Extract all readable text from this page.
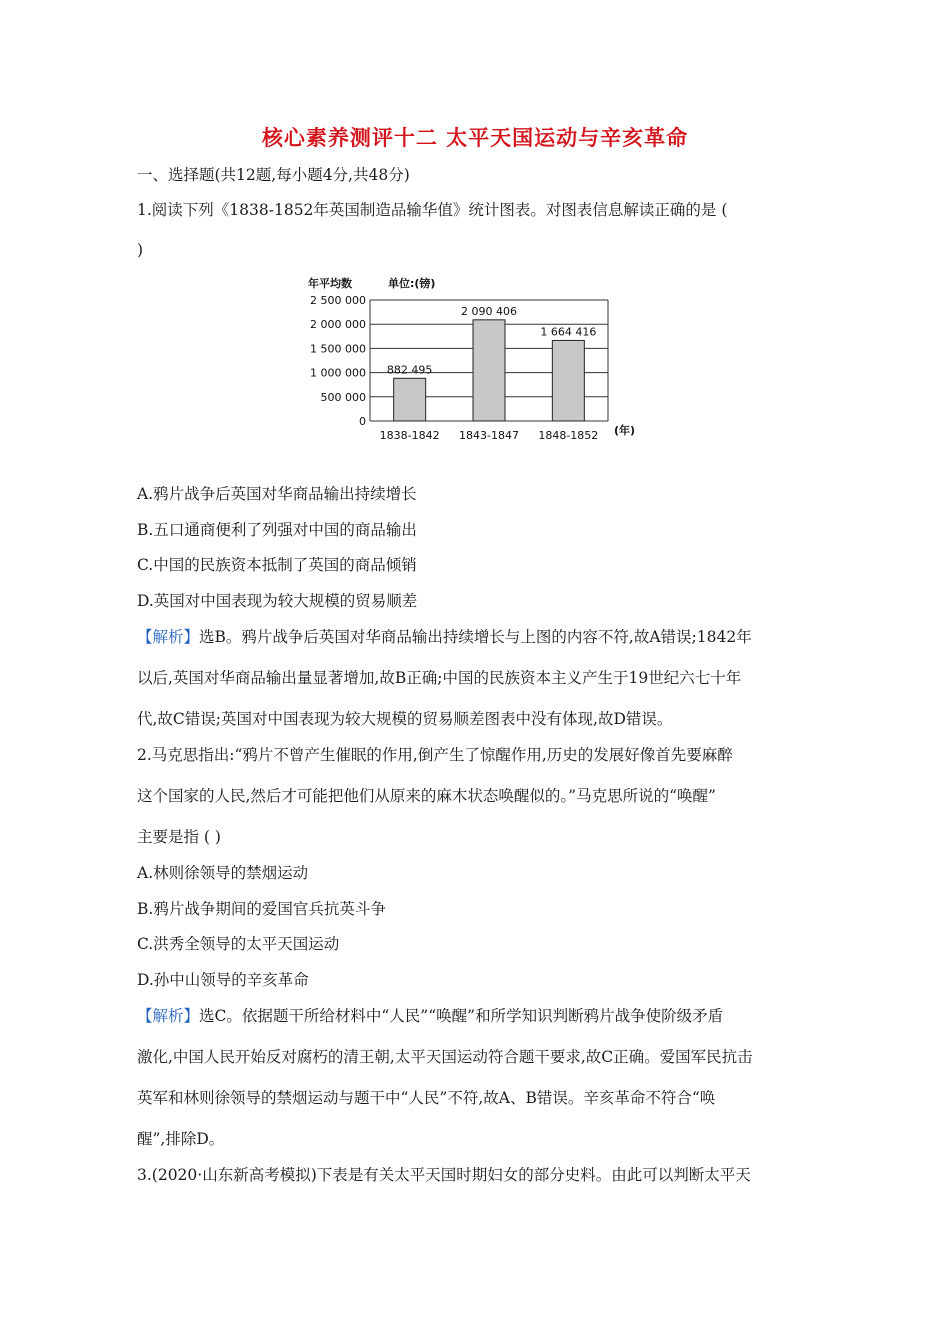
核心素养测评十二 太平天国运动与辛亥革命
一、选择题(共12题,每小题4分,共48分)
1.阅读下列《1838-1852年英国制造品输华值》统计图表。对图表信息解读正确的是 (
)
年平均数	单位:(镑)
0
500 000
1 000 000
1 500 000
2 000 000
2 500 000
882 495
2 090 406
1 664 416
1838-1842 1843-1847 1848-1852 (年)
A.鸦片战争后英国对华商品输出持续增长
B.五口通商便利了列强对中国的商品输出
C.中国的民族资本抵制了英国的商品倾销
D.英国对中国表现为较大规模的贸易顺差
【解析】选B。鸦片战争后英国对华商品输出持续增长与上图的内容不符,故A错误;1842年
以后,英国对华商品输出量显著增加,故B正确;中国的民族资本主义产生于19世纪六七十年
代,故C错误;英国对中国表现为较大规模的贸易顺差图表中没有体现,故D错误。
2.马克思指出:“鸦片不曾产生催眠的作用,倒产生了惊醒作用,历史的发展好像首先要麻醉
这个国家的人民,然后才可能把他们从原来的麻木状态唤醒似的。”马克思所说的“唤醒”
主要是指 ( )
A.林则徐领导的禁烟运动
B.鸦片战争期间的爱国官兵抗英斗争
C.洪秀全领导的太平天国运动
D.孙中山领导的辛亥革命
【解析】选C。依据题干所给材料中“人民”“唤醒”和所学知识判断鸦片战争使阶级矛盾
激化,中国人民开始反对腐朽的清王朝,太平天国运动符合题干要求,故C正确。爱国军民抗击
英军和林则徐领导的禁烟运动与题干中“人民”不符,故A、B错误。辛亥革命不符合“唤
醒”,排除D。
3.(2020·山东新高考模拟)下表是有关太平天国时期妇女的部分史料。由此可以判断太平天
